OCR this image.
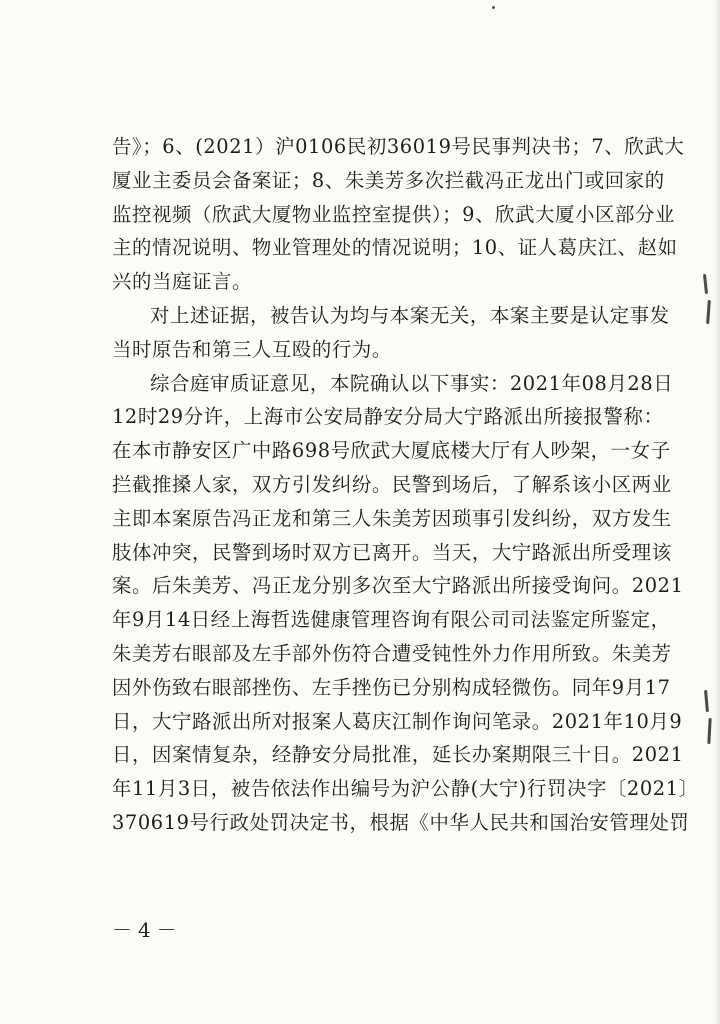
告》；6、(2021）沪0106民初36019号民事判决书；7、欣武大
厦业主委员会备案证；8、朱美芳多次拦截冯正龙出门或回家的
监控视频（欣武大厦物业监控室提供）；9、欣武大厦小区部分业
主的情况说明、物业管理处的情况说明；10、证人葛庆江、赵如
兴的当庭证言。
对上述证据，被告认为均与本案无关，本案主要是认定事发
当时原告和第三人互殴的行为。
综合庭审质证意见，本院确认以下事实：2021年08月28日
12时29分许，上海市公安局静安分局大宁路派出所接报警称：
在本市静安区广中路698号欣武大厦底楼大厅有人吵架，一女子
拦截推搡人家，双方引发纠纷。民警到场后，了解系该小区两业
主即本案原告冯正龙和第三人朱美芳因琐事引发纠纷，双方发生
肢体冲突，民警到场时双方已离开。当天，大宁路派出所受理该
案。后朱美芳、冯正龙分别多次至大宁路派出所接受询问。2021
年9月14日经上海哲选健康管理咨询有限公司司法鉴定所鉴定，
朱美芳右眼部及左手部外伤符合遭受钝性外力作用所致。朱美芳
因外伤致右眼部挫伤、左手挫伤已分别构成轻微伤。同年9月17
日，大宁路派出所对报案人葛庆江制作询问笔录。2021年10月9
日，因案情复杂，经静安分局批准，延长办案期限三十日。2021
年11月3日，被告依法作出编号为沪公静(大宁)行罚决字〔2021〕
370619号行政处罚决定书，根据《中华人民共和国治安管理处罚
－4－
